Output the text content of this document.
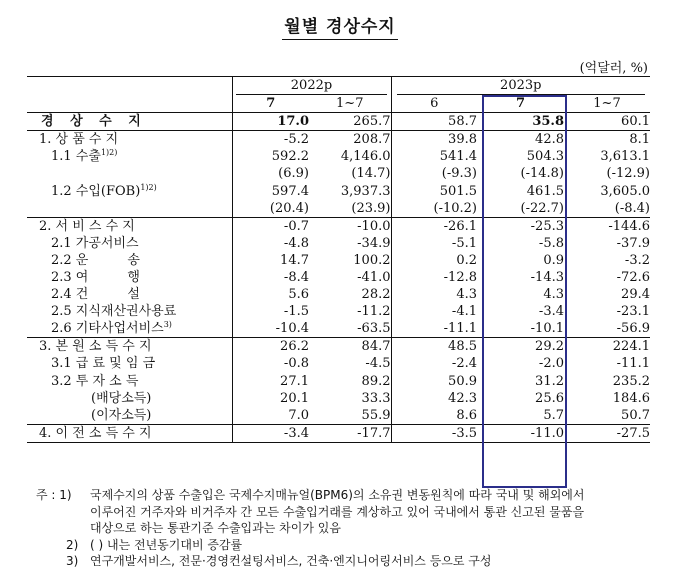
월별 경상수지
(억달러, %)
	2022p		2023p		
	7	1~7	6	7	1~7
경 상 수 지	17.0	265.7	58.7	35.8	60.1
1. 상 품 수 지	-5.2	208.7	39.8	42.8	8.1
1.1 수출$^{1)2)}$	592.2	4,146.0	541.4	504.3	3,613.1
	(6.9)	(14.7)	(-9.3)	(-14.8)	(-12.9)
1.2 수입(FOB)$^{1)2)}$	597.4	3,937.3	501.5	461.5	3,605.0
	(20.4)	(23.9)	(-10.2)	(-22.7)	(-8.4)
2. 서 비 스 수 지	-0.7	-10.0	-26.1	-25.3	-144.6
2.1 가공서비스	-4.8	-34.9	-5.1	-5.8	-37.9
2.2 운　　　송	14.7	100.2	0.2	0.9	-3.2
2.3 여　　　행	-8.4	-41.0	-12.8	-14.3	-72.6
2.4 건　　　설	5.6	28.2	4.3	4.3	29.4
2.5 지식재산권사용료	-1.5	-11.2	-4.1	-3.4	-23.1
2.6 기타사업서비스$^{3)}$	-10.4	-63.5	-11.1	-10.1	-56.9
3. 본 원 소 득 수 지	26.2	84.7	48.5	29.2	224.1
3.1 급 료 및 임 금	-0.8	-4.5	-2.4	-2.0	-11.1
3.2 투 자 소 득	27.1	89.2	50.9	31.2	235.2
(배당소득)	20.1	33.3	42.3	25.6	184.6
(이자소득)	7.0	55.9	8.6	5.7	50.7
4. 이 전 소 득 수 지	-3.4	-17.7	-3.5	-11.0	-27.5
주 : 1) 국제수지의 상품 수출입은 국제수지매뉴얼(BPM6)의 소유권 변동원칙에 따라 국내 및 해외에서
이루어진 거주자와 비거주자 간 모든 수출입거래를 계상하고 있어 국내에서 통관 신고된 물품을
대상으로 하는 통관기준 수출입과는 차이가 있음
2) ( ) 내는 전년동기대비 증감률
3) 연구개발서비스, 전문·경영컨설팅서비스, 건축·엔지니어링서비스 등으로 구성
